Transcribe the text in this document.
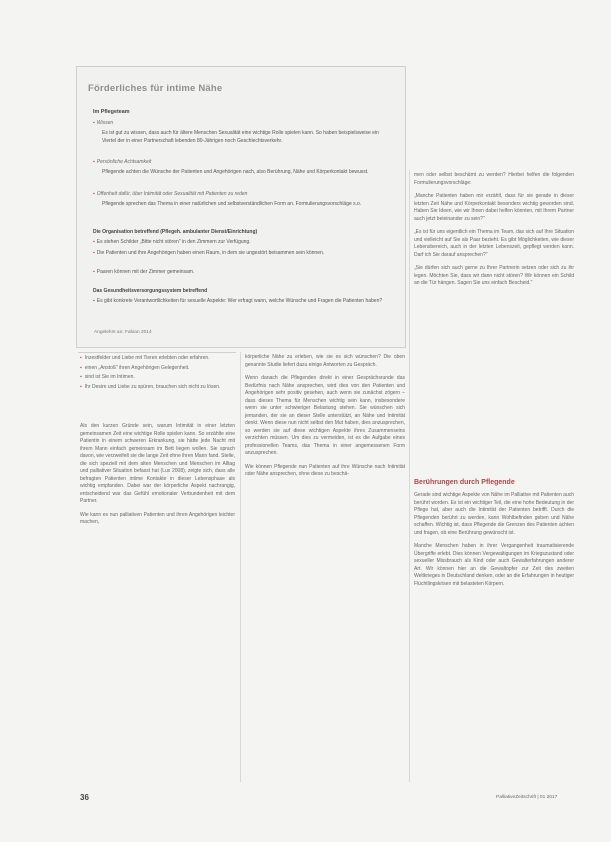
Förderliches für intime Nähe
Im Pflegeteam
▪ Wissen
Es ist gut zu wissen, dass auch für ältere Menschen Sexualität eine wichtige Rolle spielen kann. So haben beispielsweise ein Viertel der in einer Partnerschaft lebenden 80-Jährigen noch Geschlechtsverkehr.
▪ Persönliche Achtsamkeit
Pflegende achten die Wünsche der Patienten und Angehörigen nach, also Berührung, Nähe und Körperkontakt bewusst.
▪ Offenheit dafür, über Intimität oder Sexualität mit Patienten zu reden
Pflegende sprechen das Thema in einer natürlichen und selbstverständlichen Form an. Formulierungsvorschläge s.o.
Die Organisation betreffend (Pflegeh. ambulanter Dienst/Einrichtung)
▪ Es stehen Schilder „Bitte nicht stören" in den Zimmern zur Verfügung.
▪ Die Patienten und ihre Angehörigen haben einen Raum, in dem sie ungestört beisammen sein können.
▪ Paaren können mit der Zimmer gemeinsam.
Das Gesundheitsversorgungssystem betreffend
▪ Es gibt konkrete Verantwortlichkeiten für sexuelle Aspekte: Wer erfragt wann, welche Wünsche und Fragen die Patienten haben?
Angelehnt an: Fabian 2014
▪ Inzestfelder und Liebe mit Tieren erlebten oder erfahren.
▪ einen „Anstoß" ihren Angehörigen Gelegenheit.
▪ sind ist Sie im Intimen.
▪ Ihr Desire und Liebe zu spüren, brauchen sich nicht zu lösen.

Als den kurzen Gründe sein, warum Intimität in einer letzten gemeinsamen Zeit eine wichtige Rolle spielen kann. So erzählte eine Patientin in einem schweren Erkrankung, sie hätte jede Nacht mit ihrem Mann einfach gemeinsam im Bett liegen wollen. Sie sprach davon, wie verzweifelt sie die lange Zeit ohne ihren Mann fand. Stelle, die sich speziell mit dem alten Menschen und Menschen im Alltag und palliativer Situation befasst hat (Lux 2008), zeigte sich, dass alle befragten Patienten intime Kontakte in dieser Lebensphase als wichtig empfanden. Dabei war der körperliche Aspekt nachrangig, entscheidend war das Gefühl emotionaler Verbundenheit mit dem Partner.

Wie kann es nun palliativen Patienten und ihren Angehörigen leichter machen,

körperliche Nähe zu erleben, wie sie es sich wünschen? Die oben genannte Studie liefert dazu einige Antworten zu Gespräch.

Wenn danach die Pflegenden direkt in einer Gesprächsrunde das Bedürfnis nach Nähe ansprechen, wird dies von den Patienten und Angehörigen sehr positiv gesehen, auch wenn sie zunächst zögern – dass dieses Thema für Menschen wichtig sein kann, insbesondere wenn sie unter schwieriger Belastung stehen. Sie wünschen sich jemanden, der sie an dieser Stelle unterstützt, an Nähe und Intimität denkt. Wenn diese nun nicht selbst den Mut haben, dies anzusprechen, so werden sie auf diese wichtigen Aspekte ihres Zusammenseins verzichten müssen. Um dies zu vermeiden, ist es die Aufgabe eines professionellen Teams, das Thema in einer angemessenen Form anzusprechen.

Wie können Pflegende nun Patienten auf ihre Wünsche nach Intimität oder Nähe ansprechen, ohne diese zu beschä-

men oder selbst beschämt zu werden? Hierbei helfen die folgenden Formulierungsvorschläge:

„Manche Patienten haben mir erzählt, dass für sie gerade in dieser letzten Zeit Nähe und Körperkontakt besonders wichtig geworden sind. Haben Sie Ideen, wie wir Ihnen dabei helfen könnten, mit Ihrem Partner auch jetzt beieinander zu sein?"

„Es ist für uns eigentlich ein Thema im Team, das sich auf Ihre Situation und vielleicht auf Sie als Paar bezieht. Es gibt Möglichkeiten, wie dieser Lebensbereich, auch in der letzten Lebenszeit, gepflegt werden kann. Darf ich Sie darauf ansprechen?"

„Sie dürfen sich auch gerne zu Ihrer Partnerin setzen oder sich zu ihr legen. Möchten Sie, dass wir dann nicht stören? Wir können ein Schild an die Tür hängen. Sagen Sie uns einfach Bescheid."

Berührungen durch Pflegende

Gerade sind wichtige Aspekte von Nähe im Palliative mit Patienten auch berührt worden. Es ist ein wichtiger Teil, die eine hohe Bedeutung in der Pflege hat, aber auch die Intimität der Patienten betrifft. Durch die Pflegenden berührt zu werden, kann Wohlbefinden geben und Nähe schaffen. Wichtig ist, dass Pflegende die Grenzen des Patienten achten und fragen, ob eine Berührung gewünscht ist.

Manche Menschen haben in ihrer Vergangenheit traumatisierende Übergriffe erlebt. Dies können Vergewaltigungen im Kriegszustand oder sexueller Missbrauch als Kind oder auch Gewalterfahrungen anderer Art. Wir können hier an die Gewaltopfer zur Zeit des zweiten Weltkrieges in Deutschland denken, oder an die Erfahrungen in heutiger Flüchtlingskrisen mit belasteten Körpern.

36	PalliativeZeitschrift | 01 2017
